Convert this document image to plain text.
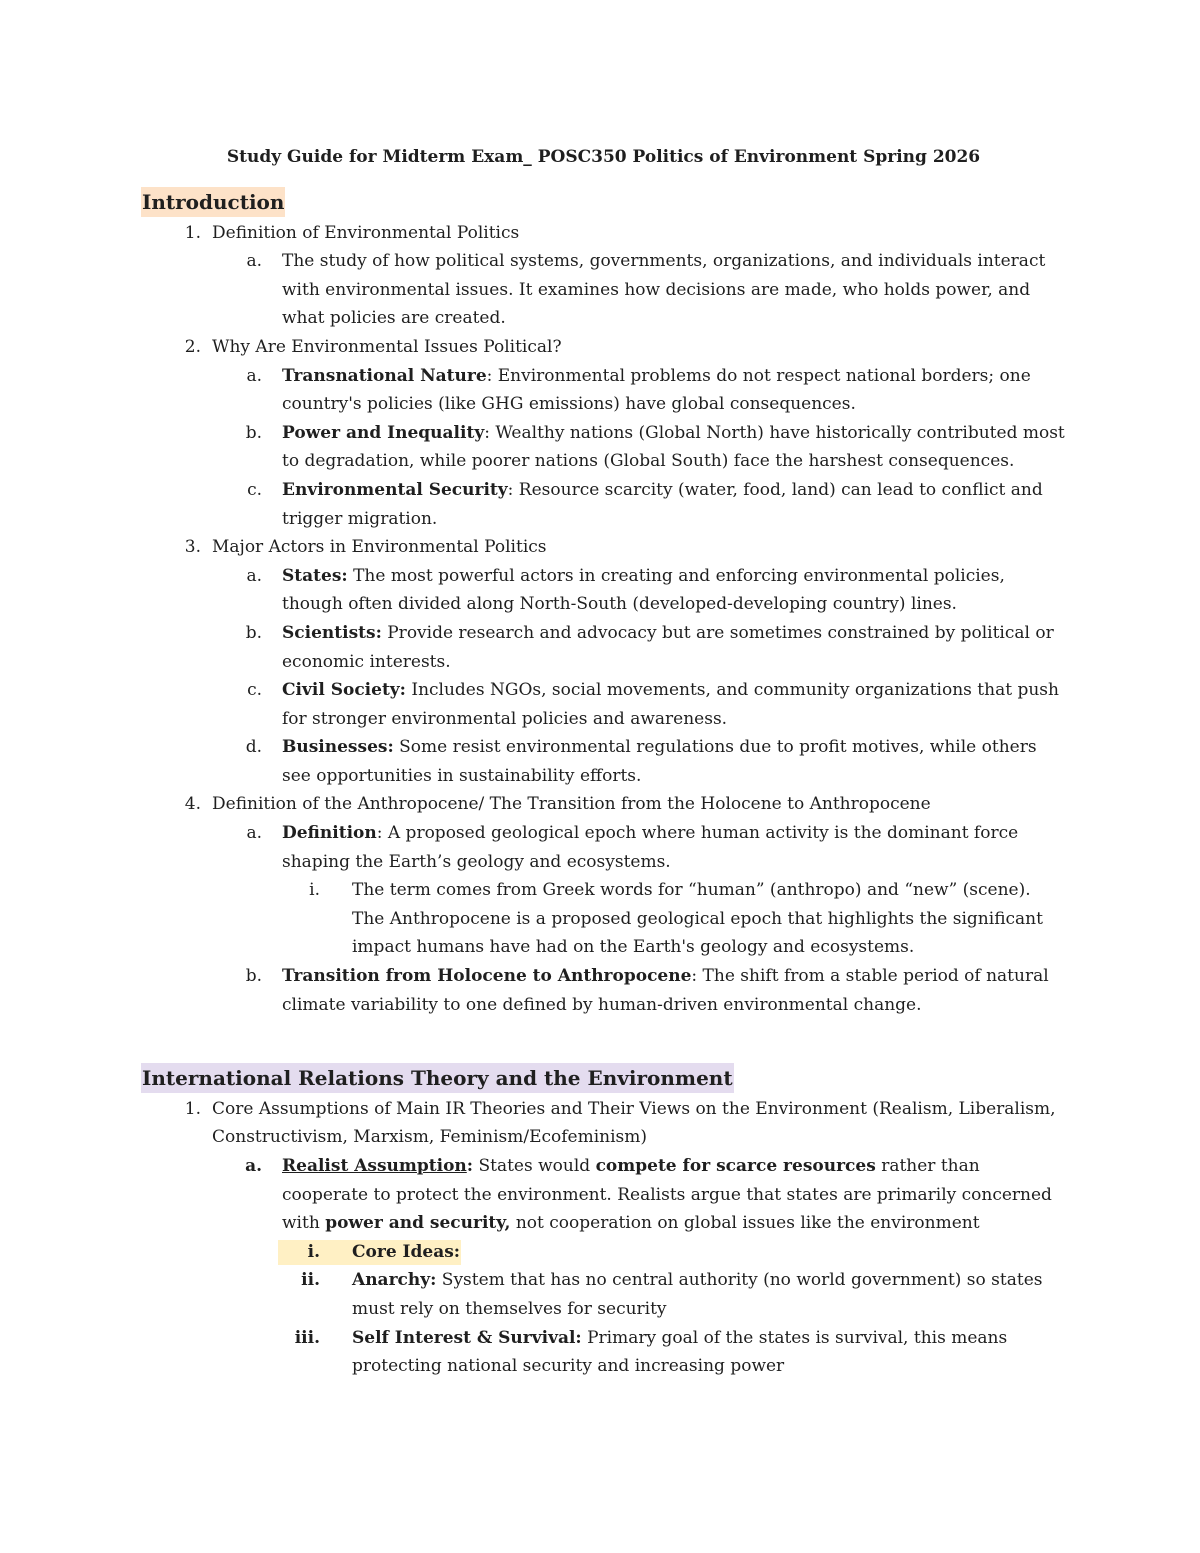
Study Guide for Midterm Exam_ POSC350 Politics of Environment Spring 2026
Introduction
1. Definition of Environmental Politics
a. The study of how political systems, governments, organizations, and individuals interact with environmental issues. It examines how decisions are made, who holds power, and what policies are created.
2. Why Are Environmental Issues Political?
a. Transnational Nature: Environmental problems do not respect national borders; one country's policies (like GHG emissions) have global consequences.
b. Power and Inequality: Wealthy nations (Global North) have historically contributed most to degradation, while poorer nations (Global South) face the harshest consequences.
c. Environmental Security: Resource scarcity (water, food, land) can lead to conflict and trigger migration.
3. Major Actors in Environmental Politics
a. States: The most powerful actors in creating and enforcing environmental policies, though often divided along North-South (developed-developing country) lines.
b. Scientists: Provide research and advocacy but are sometimes constrained by political or economic interests.
c. Civil Society: Includes NGOs, social movements, and community organizations that push for stronger environmental policies and awareness.
d. Businesses: Some resist environmental regulations due to profit motives, while others see opportunities in sustainability efforts.
4. Definition of the Anthropocene/ The Transition from the Holocene to Anthropocene
a. Definition: A proposed geological epoch where human activity is the dominant force shaping the Earth’s geology and ecosystems.
i. The term comes from Greek words for “human” (anthropo) and “new” (scene). The Anthropocene is a proposed geological epoch that highlights the significant impact humans have had on the Earth's geology and ecosystems.
b. Transition from Holocene to Anthropocene: The shift from a stable period of natural climate variability to one defined by human-driven environmental change.
International Relations Theory and the Environment
1. Core Assumptions of Main IR Theories and Their Views on the Environment (Realism, Liberalism, Constructivism, Marxism, Feminism/Ecofeminism)
a. Realist Assumption: States would compete for scarce resources rather than cooperate to protect the environment. Realists argue that states are primarily concerned with power and security, not cooperation on global issues like the environment
i. Core Ideas:
ii. Anarchy: System that has no central authority (no world government) so states must rely on themselves for security
iii. Self Interest & Survival: Primary goal of the states is survival, this means protecting national security and increasing power
